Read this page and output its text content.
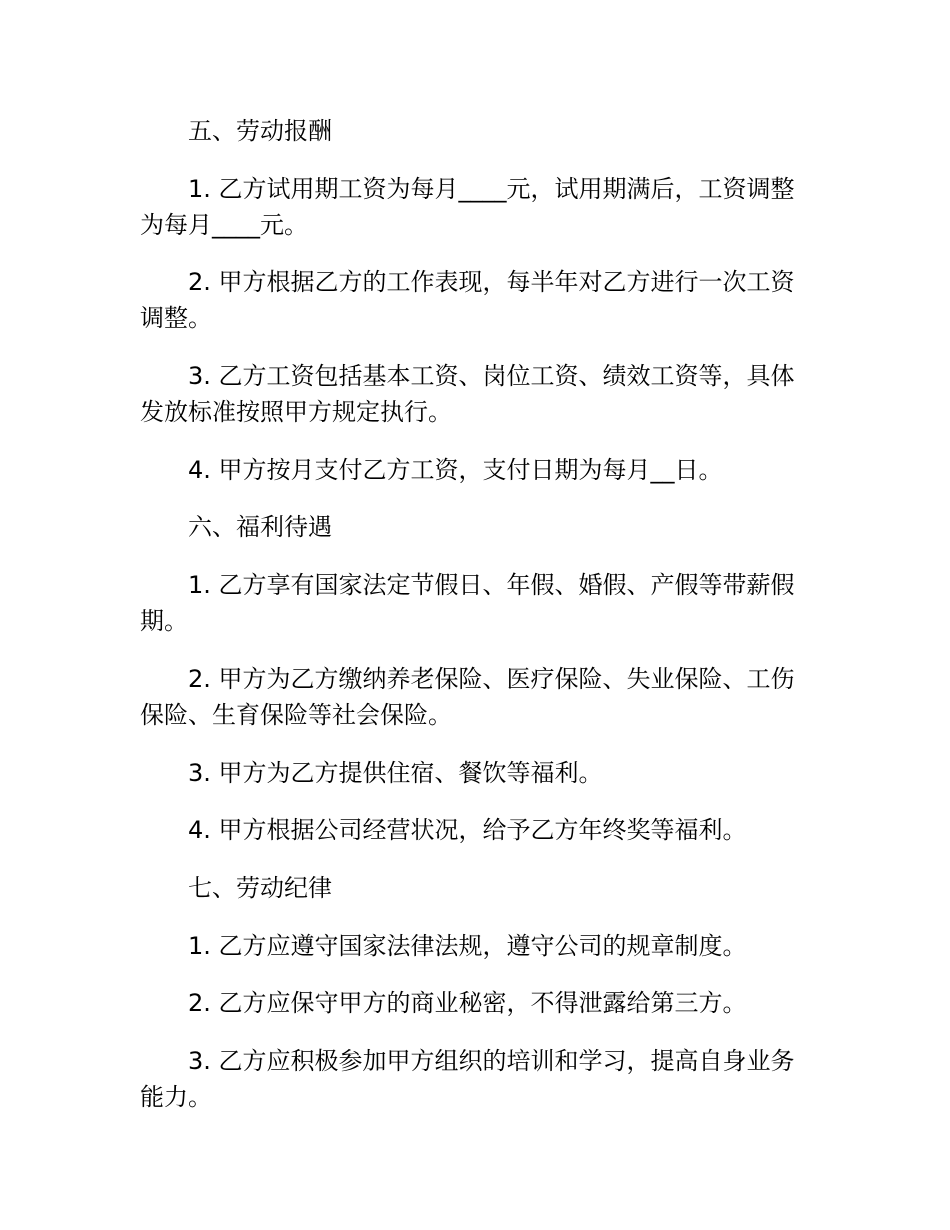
五、劳动报酬

1. 乙方试用期工资为每月____元，试用期满后，工资调整为每月____元。

2. 甲方根据乙方的工作表现，每半年对乙方进行一次工资调整。

3. 乙方工资包括基本工资、岗位工资、绩效工资等，具体发放标准按照甲方规定执行。

4. 甲方按月支付乙方工资，支付日期为每月__日。

六、福利待遇

1. 乙方享有国家法定节假日、年假、婚假、产假等带薪假期。

2. 甲方为乙方缴纳养老保险、医疗保险、失业保险、工伤保险、生育保险等社会保险。

3. 甲方为乙方提供住宿、餐饮等福利。

4. 甲方根据公司经营状况，给予乙方年终奖等福利。

七、劳动纪律

1. 乙方应遵守国家法律法规，遵守公司的规章制度。

2. 乙方应保守甲方的商业秘密，不得泄露给第三方。

3. 乙方应积极参加甲方组织的培训和学习，提高自身业务能力。
